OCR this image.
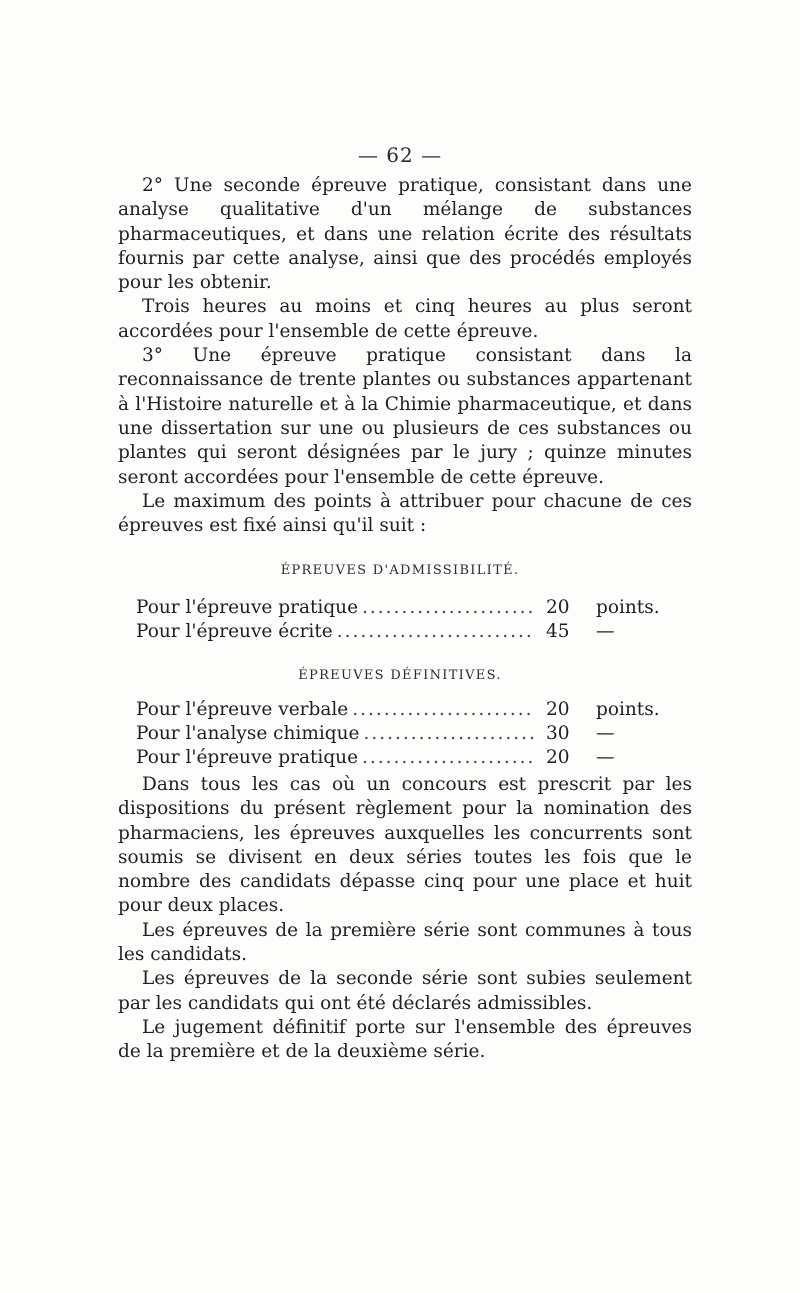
— 62 —

2° Une seconde épreuve pratique, consistant dans une analyse qualitative d'un mélange de substances pharmaceutiques, et dans une relation écrite des résultats fournis par cette analyse, ainsi que des procédés employés pour les obtenir.

Trois heures au moins et cinq heures au plus seront accordées pour l'ensemble de cette épreuve.

3° Une épreuve pratique consistant dans la reconnaissance de trente plantes ou substances appartenant à l'Histoire naturelle et à la Chimie pharmaceutique, et dans une dissertation sur une ou plusieurs de ces substances ou plantes qui seront désignées par le jury ; quinze minutes seront accordées pour l'ensemble de cette épreuve.

Le maximum des points à attribuer pour chacune de ces épreuves est fixé ainsi qu'il suit :

ÉPREUVES D'ADMISSIBILITÉ.
Pour l'épreuve pratique .....	20	points.
Pour l'épreuve écrite .....	45	—
ÉPREUVES DÉFINITIVES.
Pour l'épreuve verbale .....	20	points.
Pour l'analyse chimique .....	30	—
Pour l'épreuve pratique .....	20	—

Dans tous les cas où un concours est prescrit par les dispositions du présent règlement pour la nomination des pharmaciens, les épreuves auxquelles les concurrents sont soumis se divisent en deux séries toutes les fois que le nombre des candidats dépasse cinq pour une place et huit pour deux places.

Les épreuves de la première série sont communes à tous les candidats.

Les épreuves de la seconde série sont subies seulement par les candidats qui ont été déclarés admissibles.

Le jugement définitif porte sur l'ensemble des épreuves de la première et de la deuxième série.
